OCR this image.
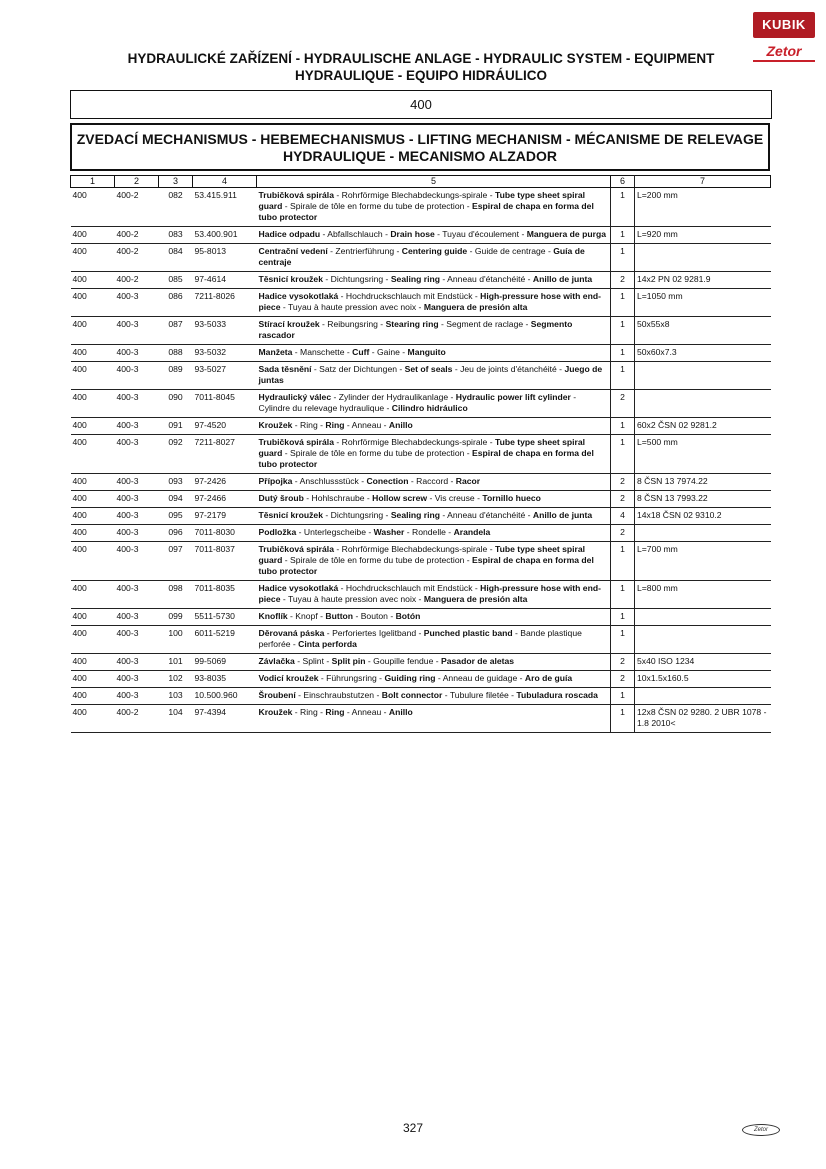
KUBIK
Zetor
HYDRAULICKÉ ZAŘÍZENÍ - HYDRAULISCHE ANLAGE - HYDRAULIC SYSTEM - EQUIPMENT
HYDRAULIQUE - EQUIPO HIDRÁULICO
400
ZVEDACÍ MECHANISMUS - HEBEMECHANISMUS - LIFTING MECHANISM - MÉCANISME DE RELEVAGE
HYDRAULIQUE - MECANISMO ALZADOR
1	2	3	4	5	6	7
400	400-2	082	53.415.911	Trubičková spirála - Rohrförmige Blechabdeckungs-spirale - Tube type sheet spiral guard - Spirale de tôle en forme du tube de protection - Espiral de chapa en forma del tubo protector	1	L=200 mm
400	400-2	083	53.400.901	Hadice odpadu - Abfallschlauch - Drain hose - Tuyau d'écoulement - Manguera de purga	1	L=920 mm
400	400-2	084	95-8013	Centrační vedení - Zentrierführung - Centering guide - Guide de centrage - Guía de centraje	1	
400	400-2	085	97-4614	Těsnicí kroužek - Dichtungsring - Sealing ring - Anneau d'étanchéité - Anillo de junta	2	14x2 PN 02 9281.9
400	400-3	086	7211-8026	Hadice vysokotlaká - Hochdruckschlauch mit Endstück - High-pressure hose with end-piece - Tuyau à haute pression avec noix - Manguera de presión alta	1	L=1050 mm
400	400-3	087	93-5033	Stírací kroužek - Reibungsring - Stearing ring - Segment de raclage - Segmento rascador	1	50x55x8
400	400-3	088	93-5032	Manžeta - Manschette - Cuff - Gaine - Manguito	1	50x60x7.3
400	400-3	089	93-5027	Sada těsnění - Satz der Dichtungen - Set of seals - Jeu de joints d'étanchéité - Juego de juntas	1	
400	400-3	090	7011-8045	Hydraulický válec - Zylinder der Hydraulikanlage - Hydraulic power lift cylinder - Cylindre du relevage hydraulique - Cilindro hidráulico	2	
400	400-3	091	97-4520	Kroužek - Ring - Ring - Anneau - Anillo	1	60x2 ČSN 02 9281.2
400	400-3	092	7211-8027	Trubičková spirála - Rohrförmige Blechabdeckungs-spirale - Tube type sheet spiral guard - Spirale de tôle en forme du tube de protection - Espiral de chapa en forma del tubo protector	1	L=500 mm
400	400-3	093	97-2426	Přípojka - Anschlussstück - Conection - Raccord - Racor	2	8 ČSN 13 7974.22
400	400-3	094	97-2466	Dutý šroub - Hohlschraube - Hollow screw - Vis creuse - Tornillo hueco	2	8 ČSN 13 7993.22
400	400-3	095	97-2179	Těsnicí kroužek - Dichtungsring - Sealing ring - Anneau d'étanchéité - Anillo de junta	4	14x18 ČSN 02 9310.2
400	400-3	096	7011-8030	Podložka - Unterlegscheibe - Washer - Rondelle - Arandela	2	
400	400-3	097	7011-8037	Trubičková spirála - Rohrförmige Blechabdeckungs-spirale - Tube type sheet spiral guard - Spirale de tôle en forme du tube de protection - Espiral de chapa en forma del tubo protector	1	L=700 mm
400	400-3	098	7011-8035	Hadice vysokotlaká - Hochdruckschlauch mit Endstück - High-pressure hose with end-piece - Tuyau à haute pression avec noix - Manguera de presión alta	1	L=800 mm
400	400-3	099	5511-5730	Knoflík - Knopf - Button - Bouton - Botón	1	
400	400-3	100	6011-5219	Děrovaná páska - Perforiertes Igelitband - Punched plastic band - Bande plastique perforée - Cinta perforda	1	
400	400-3	101	99-5069	Závlačka - Splint - Split pin - Goupille fendue - Pasador de aletas	2	5x40 ISO 1234
400	400-3	102	93-8035	Vodicí kroužek - Führungsring - Guiding ring - Anneau de guidage - Aro de guía	2	10x1.5x160.5
400	400-3	103	10.500.960	Šroubení - Einschraubstutzen - Bolt connector - Tubulure filetée - Tubuladura roscada	1	
400	400-2	104	97-4394	Kroužek - Ring - Ring - Anneau - Anillo	1	12x8 ČSN 02 9280. 2 UBR 1078 - 1.8 2010<
327	Zetor
